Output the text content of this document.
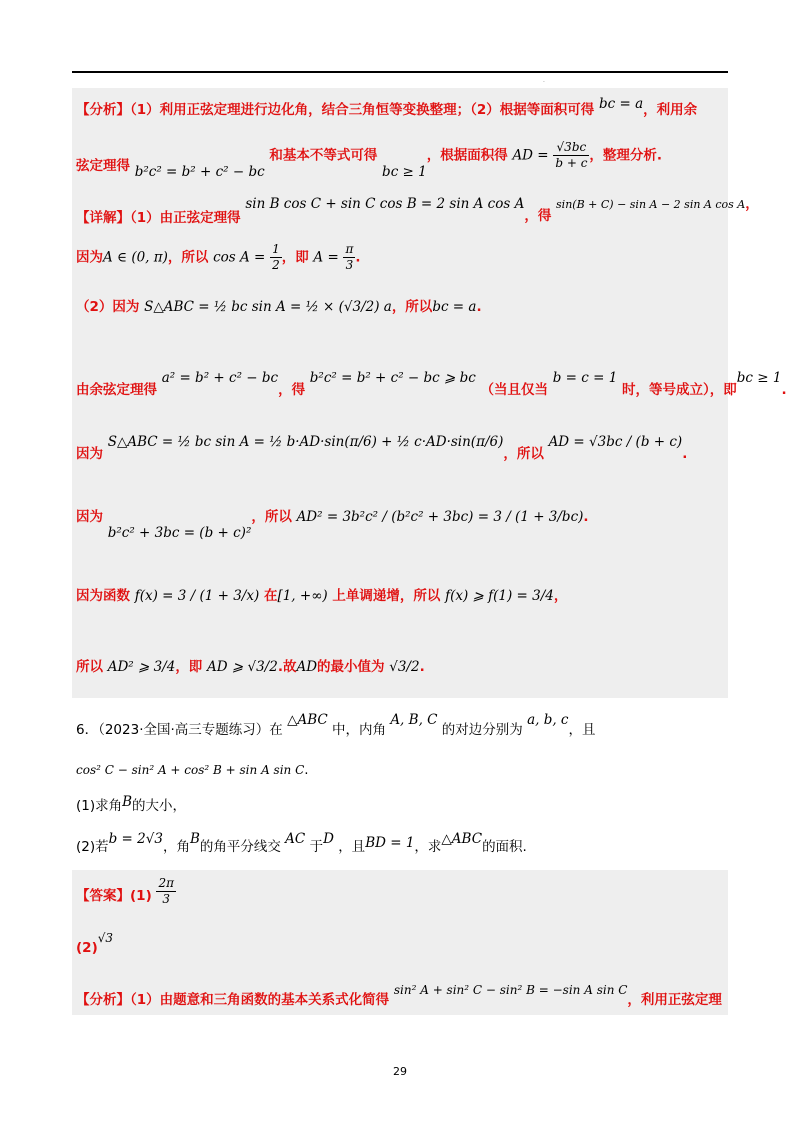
·
【分析】（1）利用正弦定理进行边化角，结合三角恒等变换整理；（2）根据等面积可得 bc = a，利用余
弦定理得 b²c² = b² + c² − bc 和基本不等式可得 bc ≥ 1，根据面积得 AD = $\frac{√3bc}{b + c}$ ，整理分析.
【详解】（1）由正弦定理得 sin B cos C + sin C cos B = 2 sin A cos A，得 sin(B + C) − sin A − 2 sin A cos A，
因为A ∈ (0, π)，所以 $\cos A = \frac{1}{2}$ ，即 $A = \frac{\pi}{3}$ .
（2）因为 S△ABC = ½ bc sin A = ½ × (√3/2) a，所以bc = a.
由余弦定理得 a² = b² + c² − bc，得 b²c² = b² + c² − bc ⩾ bc （当且仅当 b = c = 1 时，等号成立），即bc ≥ 1.
因为 S△ABC = ½ bc sin A = ½ b·AD·sin(π/6) + ½ c·AD·sin(π/6)，所以 AD = √3bc / (b + c).
因为 b²c² + 3bc = (b + c)²，所以 AD² = 3b²c² / (b²c² + 3bc) = 3 / (1 + 3/bc).
因为函数 f(x) = 3 / (1 + 3/x) 在[1, +∞) 上单调递增，所以 f(x) ⩾ f(1) = 3/4，
所以 AD² ⩾ 3/4，即 AD ⩾ √3/2.故AD的最小值为 √3/2.
6．（2023·全国·高三专题练习）在 △ABC 中，内角 A, B, C 的对边分别为 a, b, c，且
cos² C − sin² A + cos² B + sin A sin C.
(1)求角B的大小，
(2)若b = 2√3，角B的角平分线交 AC 于D ，且BD = 1，求△ABC的面积.
【答案】$(1) \frac{2\pi}{3}$
(2)√3
【分析】（1）由题意和三角函数的基本关系式化简得 sin² A + sin² C − sin² B = −sin A sin C，利用正弦定理
29
